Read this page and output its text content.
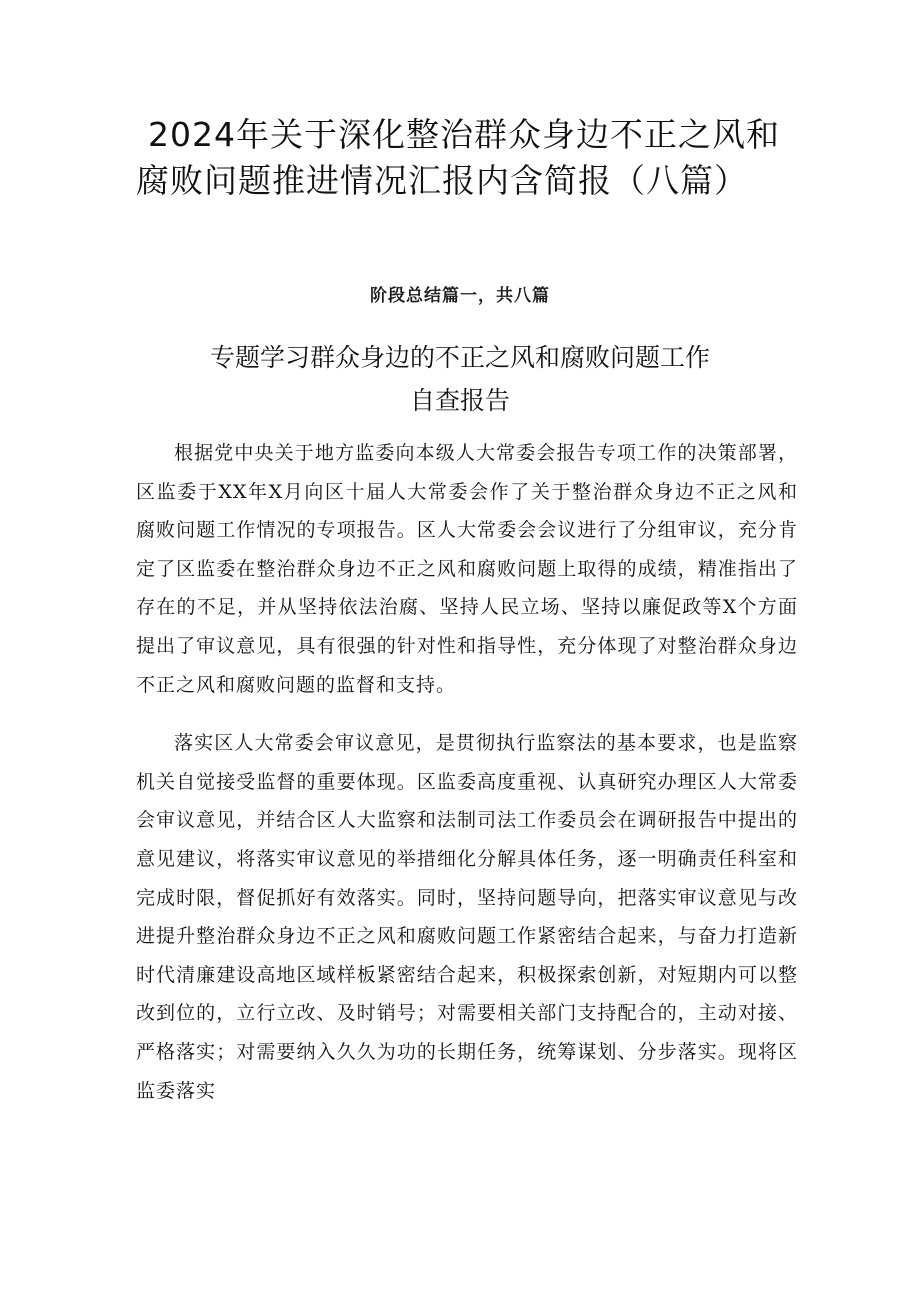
2024年关于深化整治群众身边不正之风和
腐败问题推进情况汇报内含简报（八篇）

阶段总结篇一，共八篇

专题学习群众身边的不正之风和腐败问题工作
自查报告

根据党中央关于地方监委向本级人大常委会报告专项工作的决策部署，区监委于XX年X月向区十届人大常委会作了关于整治群众身边不正之风和腐败问题工作情况的专项报告。区人大常委会会议进行了分组审议，充分肯定了区监委在整治群众身边不正之风和腐败问题上取得的成绩，精准指出了存在的不足，并从坚持依法治腐、坚持人民立场、坚持以廉促政等X个方面提出了审议意见，具有很强的针对性和指导性，充分体现了对整治群众身边不正之风和腐败问题的监督和支持。

落实区人大常委会审议意见，是贯彻执行监察法的基本要求，也是监察机关自觉接受监督的重要体现。区监委高度重视、认真研究办理区人大常委会审议意见，并结合区人大监察和法制司法工作委员会在调研报告中提出的意见建议，将落实审议意见的举措细化分解具体任务，逐一明确责任科室和完成时限，督促抓好有效落实。同时，坚持问题导向，把落实审议意见与改进提升整治群众身边不正之风和腐败问题工作紧密结合起来，与奋力打造新时代清廉建设高地区域样板紧密结合起来，积极探索创新，对短期内可以整改到位的，立行立改、及时销号；对需要相关部门支持配合的，主动对接、严格落实；对需要纳入久久为功的长期任务，统筹谋划、分步落实。现将区监委落实
